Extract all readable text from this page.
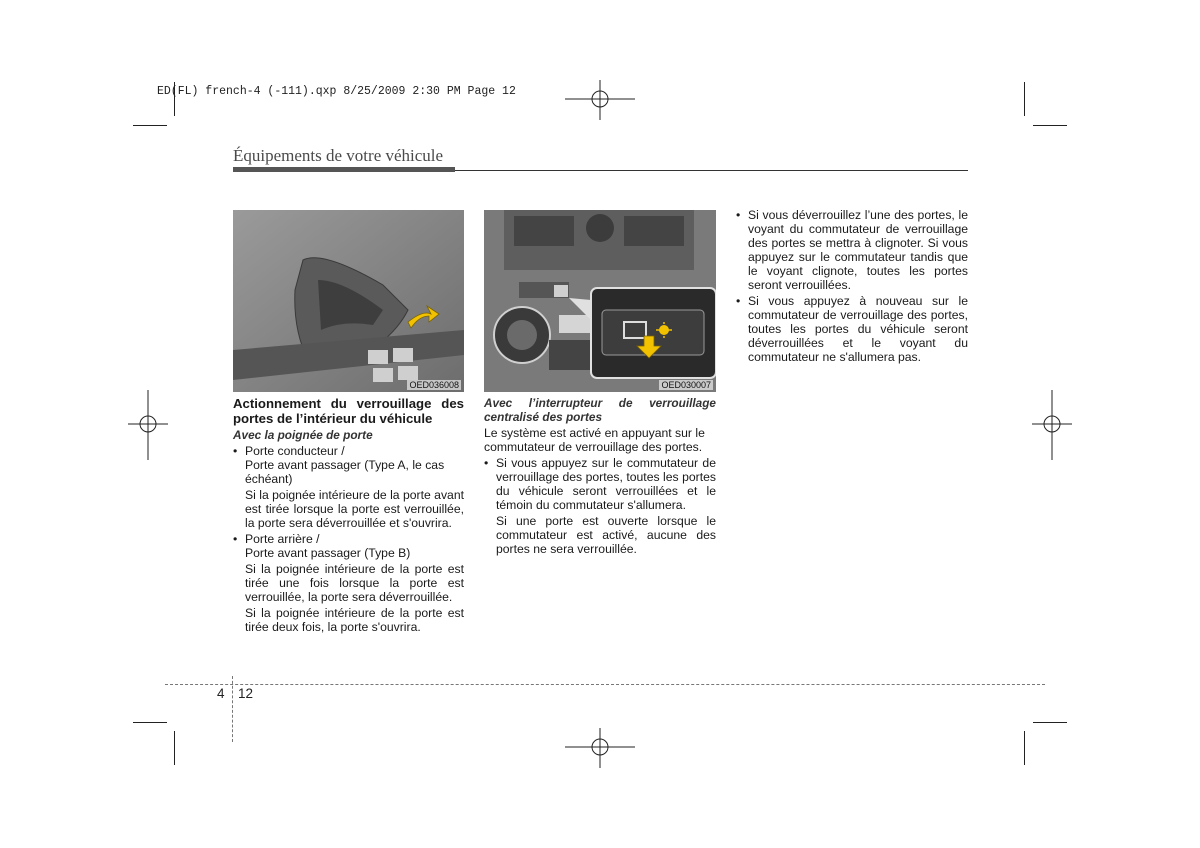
ED(FL) french-4 (-111).qxp 8/25/2009 2:30 PM Page 12
Équipements de votre véhicule
OED036008	OED030007

Actionnement du verrouillage des portes de l’intérieur du véhicule

Avec la poignée de porte

• Porte conducteur /

Porte avant passager (Type A, le cas échéant)

Si la poignée intérieure de la porte avant est tirée lorsque la porte est verrouillée, la porte sera déverrouillée et s'ouvrira.

• Porte arrière /

Porte avant passager (Type B)

Si la poignée intérieure de la porte est tirée une fois lorsque la porte est verrouillée, la porte sera déverrouillée.

Si la poignée intérieure de la porte est tirée deux fois, la porte s'ouvrira.

Avec l’interrupteur de verrouillage centralisé des portes

Le système est activé en appuyant sur le commutateur de verrouillage des portes.

• Si vous appuyez sur le commutateur de verrouillage des portes, toutes les portes du véhicule seront verrouillées et le témoin du commutateur s'allumera.

Si une porte est ouverte lorsque le commutateur est activé, aucune des portes ne sera verrouillée.

• Si vous déverrouillez l’une des portes, le voyant du commutateur de verrouillage des portes se mettra à clignoter. Si vous appuyez sur le commutateur tandis que le voyant clignote, toutes les portes seront verrouillées.
• Si vous appuyez à nouveau sur le commutateur de verrouillage des portes, toutes les portes du véhicule seront déverrouillées et le voyant du commutateur ne s'allumera pas.
4 12
